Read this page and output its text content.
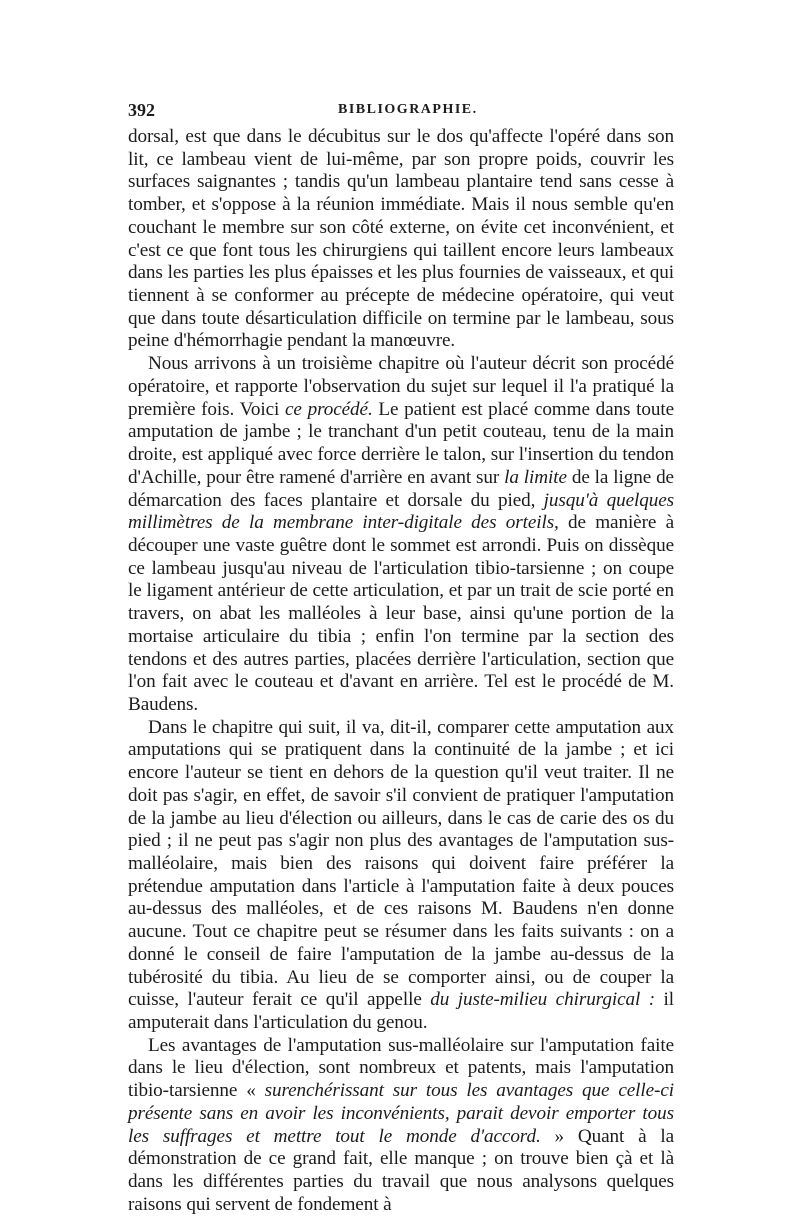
392	BIBLIOGRAPHIE.

dorsal, est que dans le décubitus sur le dos qu'affecte l'opéré dans son lit, ce lambeau vient de lui-même, par son propre poids, couvrir les surfaces saignantes ; tandis qu'un lambeau plantaire tend sans cesse à tomber, et s'oppose à la réunion immédiate. Mais il nous semble qu'en couchant le membre sur son côté externe, on évite cet inconvénient, et c'est ce que font tous les chirurgiens qui taillent encore leurs lambeaux dans les parties les plus épaisses et les plus fournies de vaisseaux, et qui tiennent à se conformer au précepte de médecine opératoire, qui veut que dans toute désarticulation difficile on termine par le lambeau, sous peine d'hémorrhagie pendant la manœuvre.

Nous arrivons à un troisième chapitre où l'auteur décrit son procédé opératoire, et rapporte l'observation du sujet sur lequel il l'a pratiqué la première fois. Voici ce procédé. Le patient est placé comme dans toute amputation de jambe ; le tranchant d'un petit couteau, tenu de la main droite, est appliqué avec force derrière le talon, sur l'insertion du tendon d'Achille, pour être ramené d'arrière en avant sur la limite de la ligne de démarcation des faces plantaire et dorsale du pied, jusqu'à quelques millimètres de la membrane inter-digitale des orteils, de manière à découper une vaste guêtre dont le sommet est arrondi. Puis on dissèque ce lambeau jusqu'au niveau de l'articulation tibio-tarsienne ; on coupe le ligament antérieur de cette articulation, et par un trait de scie porté en travers, on abat les malléoles à leur base, ainsi qu'une portion de la mortaise articulaire du tibia ; enfin l'on termine par la section des tendons et des autres parties, placées derrière l'articulation, section que l'on fait avec le couteau et d'avant en arrière. Tel est le procédé de M. Baudens.

Dans le chapitre qui suit, il va, dit-il, comparer cette amputation aux amputations qui se pratiquent dans la continuité de la jambe ; et ici encore l'auteur se tient en dehors de la question qu'il veut traiter. Il ne doit pas s'agir, en effet, de savoir s'il convient de pratiquer l'amputation de la jambe au lieu d'élection ou ailleurs, dans le cas de carie des os du pied ; il ne peut pas s'agir non plus des avantages de l'amputation sus-malléolaire, mais bien des raisons qui doivent faire préférer la prétendue amputation dans l'article à l'amputation faite à deux pouces au-dessus des malléoles, et de ces raisons M. Baudens n'en donne aucune. Tout ce chapitre peut se résumer dans les faits suivants : on a donné le conseil de faire l'amputation de la jambe au-dessus de la tubérosité du tibia. Au lieu de se comporter ainsi, ou de couper la cuisse, l'auteur ferait ce qu'il appelle du juste-milieu chirurgical : il amputerait dans l'articulation du genou.

Les avantages de l'amputation sus-malléolaire sur l'amputation faite dans le lieu d'élection, sont nombreux et patents, mais l'amputation tibio-tarsienne « surenchérissant sur tous les avantages que celle-ci présente sans en avoir les inconvénients, parait devoir emporter tous les suffrages et mettre tout le monde d'accord. » Quant à la démonstration de ce grand fait, elle manque ; on trouve bien çà et là dans les différentes parties du travail que nous analysons quelques raisons qui servent de fondement à
